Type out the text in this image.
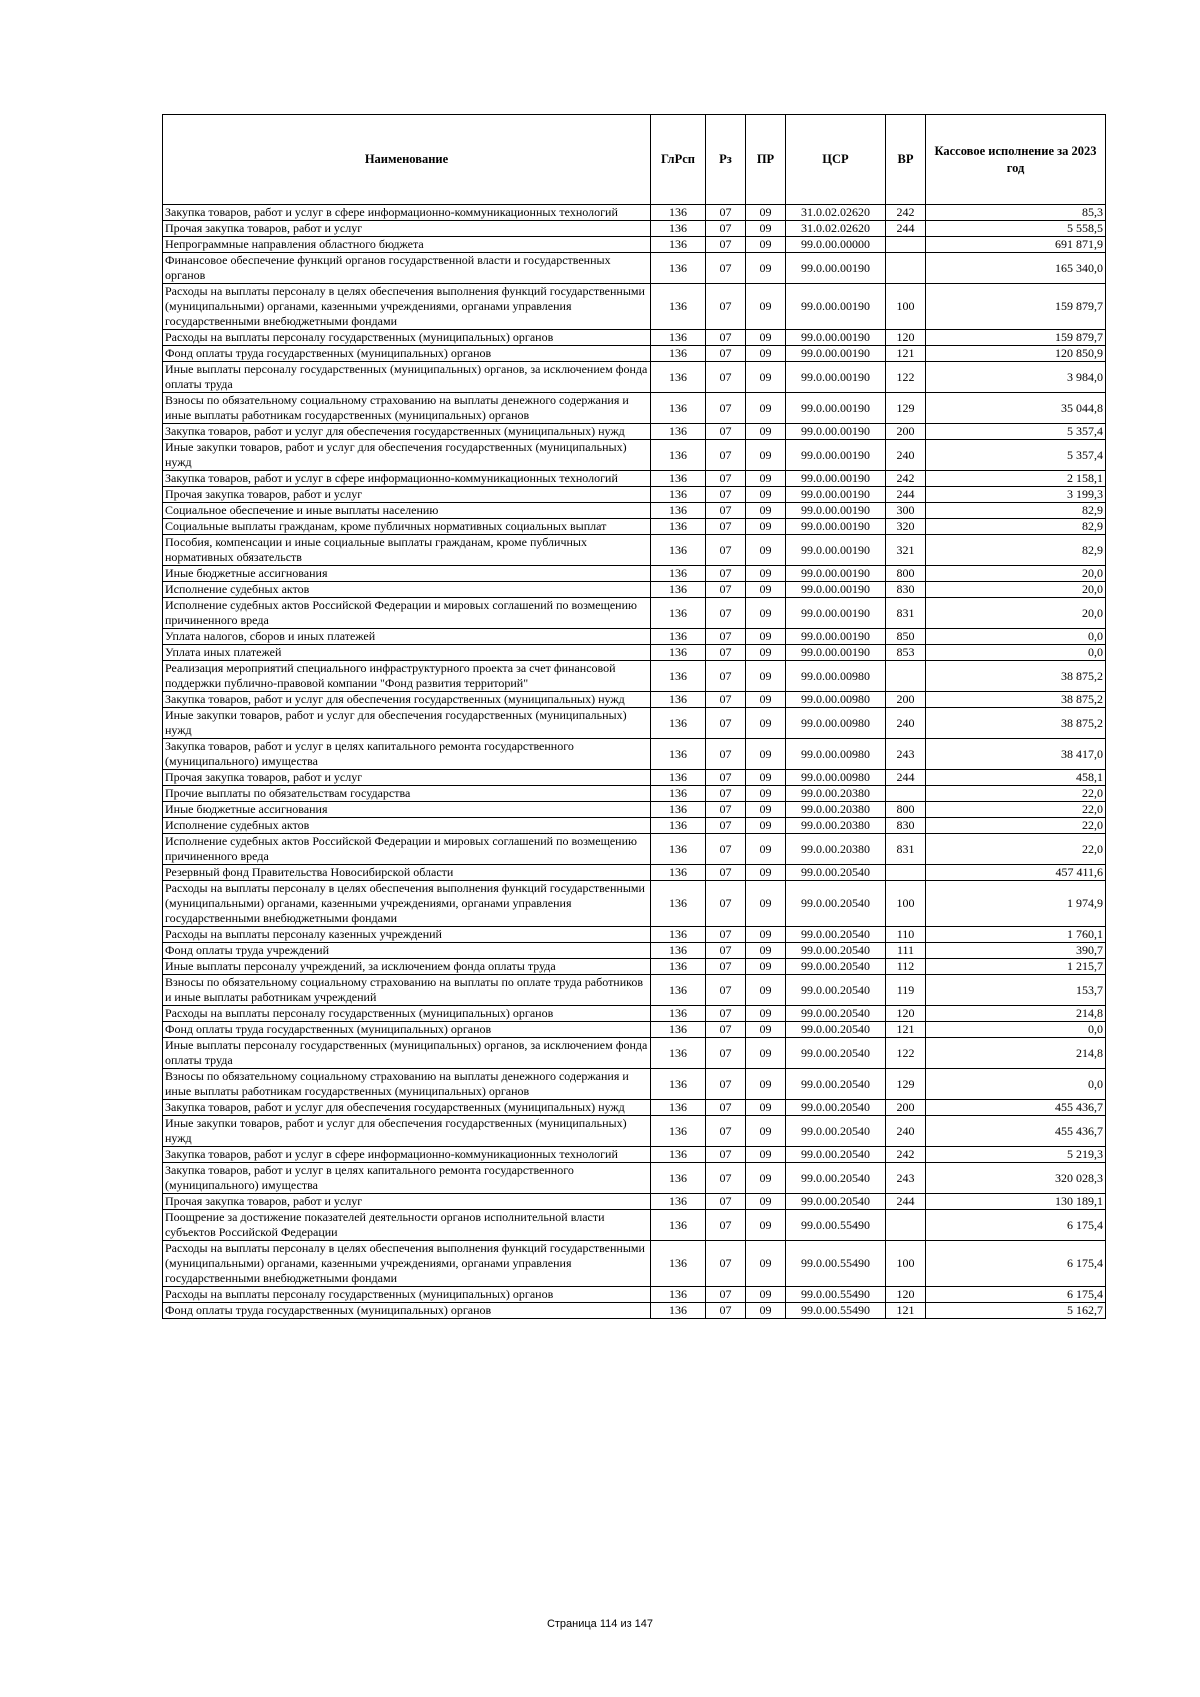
Наименование	ГлРсп	Рз	ПР	ЦСР	ВР	Кассовое исполнение за 2023 год
Закупка товаров, работ и услуг в сфере информационно-коммуникационных технологий	136	07	09	31.0.02.02620	242	85,3
Прочая закупка товаров, работ и услуг	136	07	09	31.0.02.02620	244	5 558,5
Непрограммные направления областного бюджета	136	07	09	99.0.00.00000		691 871,9
Финансовое обеспечение функций органов государственной власти и государственных органов	136	07	09	99.0.00.00190		165 340,0
Расходы на выплаты персоналу в целях обеспечения выполнения функций государственными (муниципальными) органами, казенными учреждениями, органами управления государственными внебюджетными фондами	136	07	09	99.0.00.00190	100	159 879,7
Расходы на выплаты персоналу государственных (муниципальных) органов	136	07	09	99.0.00.00190	120	159 879,7
Фонд оплаты труда государственных (муниципальных) органов	136	07	09	99.0.00.00190	121	120 850,9
Иные выплаты персоналу государственных (муниципальных) органов, за исключением фонда оплаты труда	136	07	09	99.0.00.00190	122	3 984,0
Взносы по обязательному социальному страхованию на выплаты денежного содержания и иные выплаты работникам государственных (муниципальных) органов	136	07	09	99.0.00.00190	129	35 044,8
Закупка товаров, работ и услуг для обеспечения государственных (муниципальных) нужд	136	07	09	99.0.00.00190	200	5 357,4
Иные закупки товаров, работ и услуг для обеспечения государственных (муниципальных) нужд	136	07	09	99.0.00.00190	240	5 357,4
Закупка товаров, работ и услуг в сфере информационно-коммуникационных технологий	136	07	09	99.0.00.00190	242	2 158,1
Прочая закупка товаров, работ и услуг	136	07	09	99.0.00.00190	244	3 199,3
Социальное обеспечение и иные выплаты населению	136	07	09	99.0.00.00190	300	82,9
Социальные выплаты гражданам, кроме публичных нормативных социальных выплат	136	07	09	99.0.00.00190	320	82,9
Пособия, компенсации и иные социальные выплаты гражданам, кроме публичных нормативных обязательств	136	07	09	99.0.00.00190	321	82,9
Иные бюджетные ассигнования	136	07	09	99.0.00.00190	800	20,0
Исполнение судебных актов	136	07	09	99.0.00.00190	830	20,0
Исполнение судебных актов Российской Федерации и мировых соглашений по возмещению причиненного вреда	136	07	09	99.0.00.00190	831	20,0
Уплата налогов, сборов и иных платежей	136	07	09	99.0.00.00190	850	0,0
Уплата иных платежей	136	07	09	99.0.00.00190	853	0,0
Реализация мероприятий специального инфраструктурного проекта за счет финансовой поддержки публично-правовой компании "Фонд развития территорий"	136	07	09	99.0.00.00980		38 875,2
Закупка товаров, работ и услуг для обеспечения государственных (муниципальных) нужд	136	07	09	99.0.00.00980	200	38 875,2
Иные закупки товаров, работ и услуг для обеспечения государственных (муниципальных) нужд	136	07	09	99.0.00.00980	240	38 875,2
Закупка товаров, работ и услуг в целях капитального ремонта государственного (муниципального) имущества	136	07	09	99.0.00.00980	243	38 417,0
Прочая закупка товаров, работ и услуг	136	07	09	99.0.00.00980	244	458,1
Прочие выплаты по обязательствам государства	136	07	09	99.0.00.20380		22,0
Иные бюджетные ассигнования	136	07	09	99.0.00.20380	800	22,0
Исполнение судебных актов	136	07	09	99.0.00.20380	830	22,0
Исполнение судебных актов Российской Федерации и мировых соглашений по возмещению причиненного вреда	136	07	09	99.0.00.20380	831	22,0
Резервный фонд Правительства Новосибирской области	136	07	09	99.0.00.20540		457 411,6
Расходы на выплаты персоналу в целях обеспечения выполнения функций государственными (муниципальными) органами, казенными учреждениями, органами управления государственными внебюджетными фондами	136	07	09	99.0.00.20540	100	1 974,9
Расходы на выплаты персоналу казенных учреждений	136	07	09	99.0.00.20540	110	1 760,1
Фонд оплаты труда учреждений	136	07	09	99.0.00.20540	111	390,7
Иные выплаты персоналу учреждений, за исключением фонда оплаты труда	136	07	09	99.0.00.20540	112	1 215,7
Взносы по обязательному социальному страхованию на выплаты по оплате труда работников и иные выплаты работникам учреждений	136	07	09	99.0.00.20540	119	153,7
Расходы на выплаты персоналу государственных (муниципальных) органов	136	07	09	99.0.00.20540	120	214,8
Фонд оплаты труда государственных (муниципальных) органов	136	07	09	99.0.00.20540	121	0,0
Иные выплаты персоналу государственных (муниципальных) органов, за исключением фонда оплаты труда	136	07	09	99.0.00.20540	122	214,8
Взносы по обязательному социальному страхованию на выплаты денежного содержания и иные выплаты работникам государственных (муниципальных) органов	136	07	09	99.0.00.20540	129	0,0
Закупка товаров, работ и услуг для обеспечения государственных (муниципальных) нужд	136	07	09	99.0.00.20540	200	455 436,7
Иные закупки товаров, работ и услуг для обеспечения государственных (муниципальных) нужд	136	07	09	99.0.00.20540	240	455 436,7
Закупка товаров, работ и услуг в сфере информационно-коммуникационных технологий	136	07	09	99.0.00.20540	242	5 219,3
Закупка товаров, работ и услуг в целях капитального ремонта государственного (муниципального) имущества	136	07	09	99.0.00.20540	243	320 028,3
Прочая закупка товаров, работ и услуг	136	07	09	99.0.00.20540	244	130 189,1
Поощрение за достижение показателей деятельности органов исполнительной власти субъектов Российской Федерации	136	07	09	99.0.00.55490		6 175,4
Расходы на выплаты персоналу в целях обеспечения выполнения функций государственными (муниципальными) органами, казенными учреждениями, органами управления государственными внебюджетными фондами	136	07	09	99.0.00.55490	100	6 175,4
Расходы на выплаты персоналу государственных (муниципальных) органов	136	07	09	99.0.00.55490	120	6 175,4
Фонд оплаты труда государственных (муниципальных) органов	136	07	09	99.0.00.55490	121	5 162,7
Страница 114 из 147
